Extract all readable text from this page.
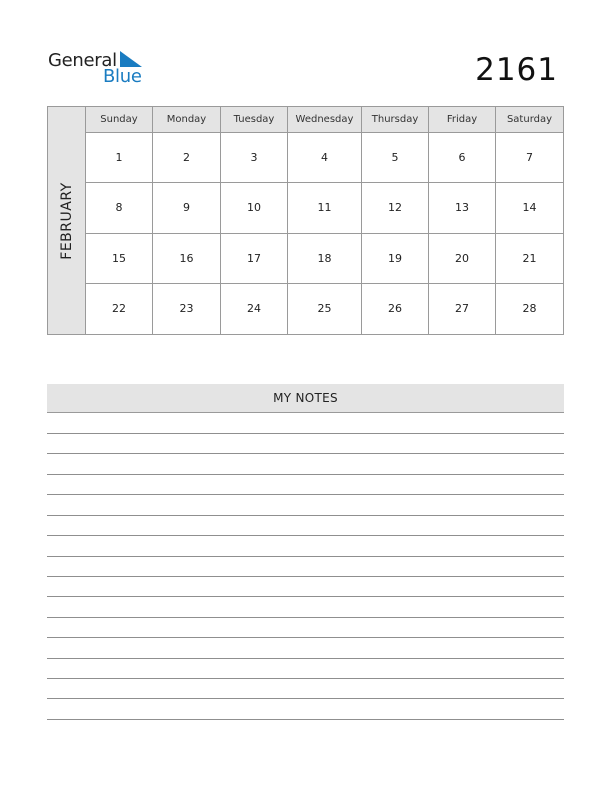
General
Blue	2161
FEBRUARY
Sunday	Monday	Tuesday	Wednesday	Thursday	Friday	Saturday
1	2	3	4	5	6	7
8	9	10	11	12	13	14
15	16	17	18	19	20	21
22	23	24	25	26	27	28
MY NOTES
